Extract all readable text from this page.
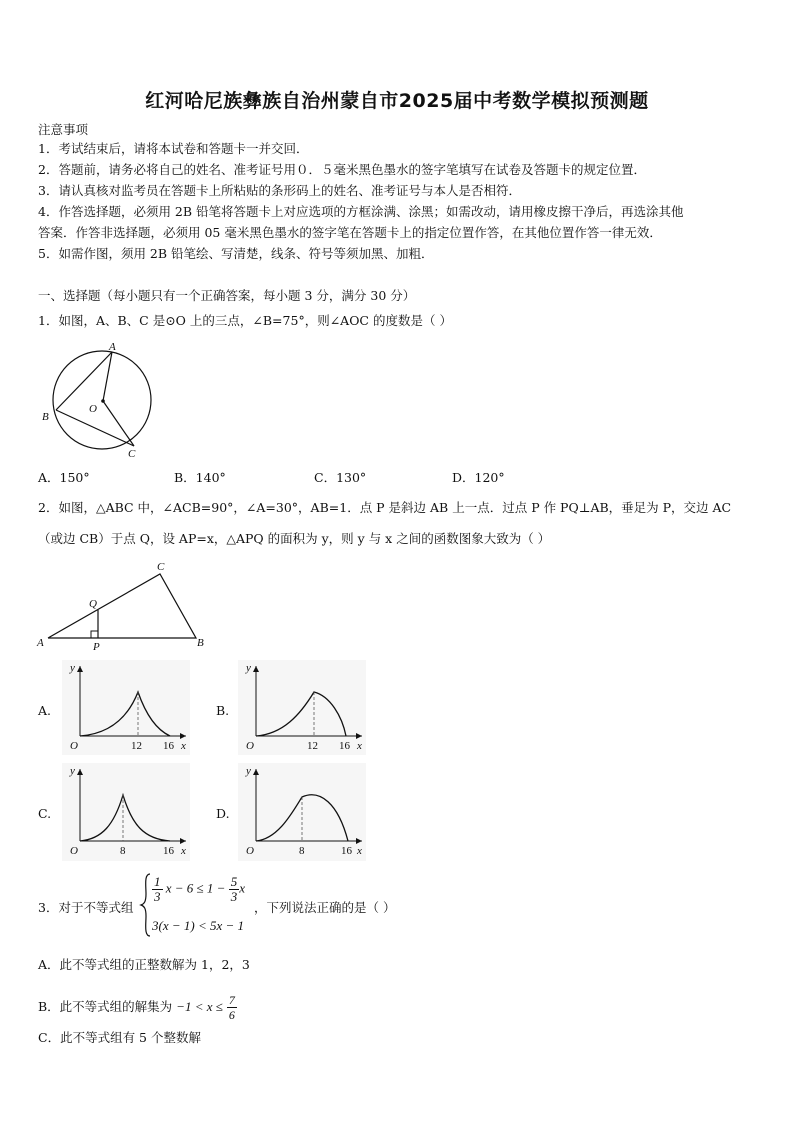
红河哈尼族彝族自治州蒙自市2025届中考数学模拟预测题
注意事项
1．考试结束后，请将本试卷和答题卡一并交回．
2．答题前，请务必将自己的姓名、准考证号用０．５毫米黑色墨水的签字笔填写在试卷及答题卡的规定位置．
3．请认真核对监考员在答题卡上所粘贴的条形码上的姓名、准考证号与本人是否相符．
4．作答选择题，必须用 2B 铅笔将答题卡上对应选项的方框涂满、涂黑；如需改动，请用橡皮擦干净后，再选涂其他
答案．作答非选择题，必须用 05 毫米黑色墨水的签字笔在答题卡上的指定位置作答，在其他位置作答一律无效．
5．如需作图，须用 2B 铅笔绘、写清楚，线条、符号等须加黑、加粗．
一、选择题（每小题只有一个正确答案，每小题 3 分，满分 30 分）
1．如图，A、B、C 是⊙O 上的三点，∠B=75°，则∠AOC 的度数是（ ）
A
B
C
O
A．150°	B．140°	C．130°	D．120°
2．如图，△ABC 中，∠ACB=90°，∠A=30°，AB=1．点 P 是斜边 AB 上一点．过点 P 作 PQ⊥AB，垂足为 P，交边 AC
（或边 CB）于点 Q，设 AP=x，△APQ 的面积为 y，则 y 与 x 之间的函数图象大致为（ ）
A	B
C
P
Q
A.	B.
C.	D.
O
y
x
12 16	O
y
x
12 16
O
y
x
8	16	O
y
x
8	16
3．对于不等式组
$\frac{1}{3}$ $x - 6 \le 1 - \frac{5}{3}$ x
3(x − 1) < 5x − 1
，下列说法正确的是（ ）
A．此不等式组的正整数解为 1，2，3
B．此不等式组的解集为 $-1 < x \le \frac{7}{6}$
C．此不等式组有 5 个整数解
